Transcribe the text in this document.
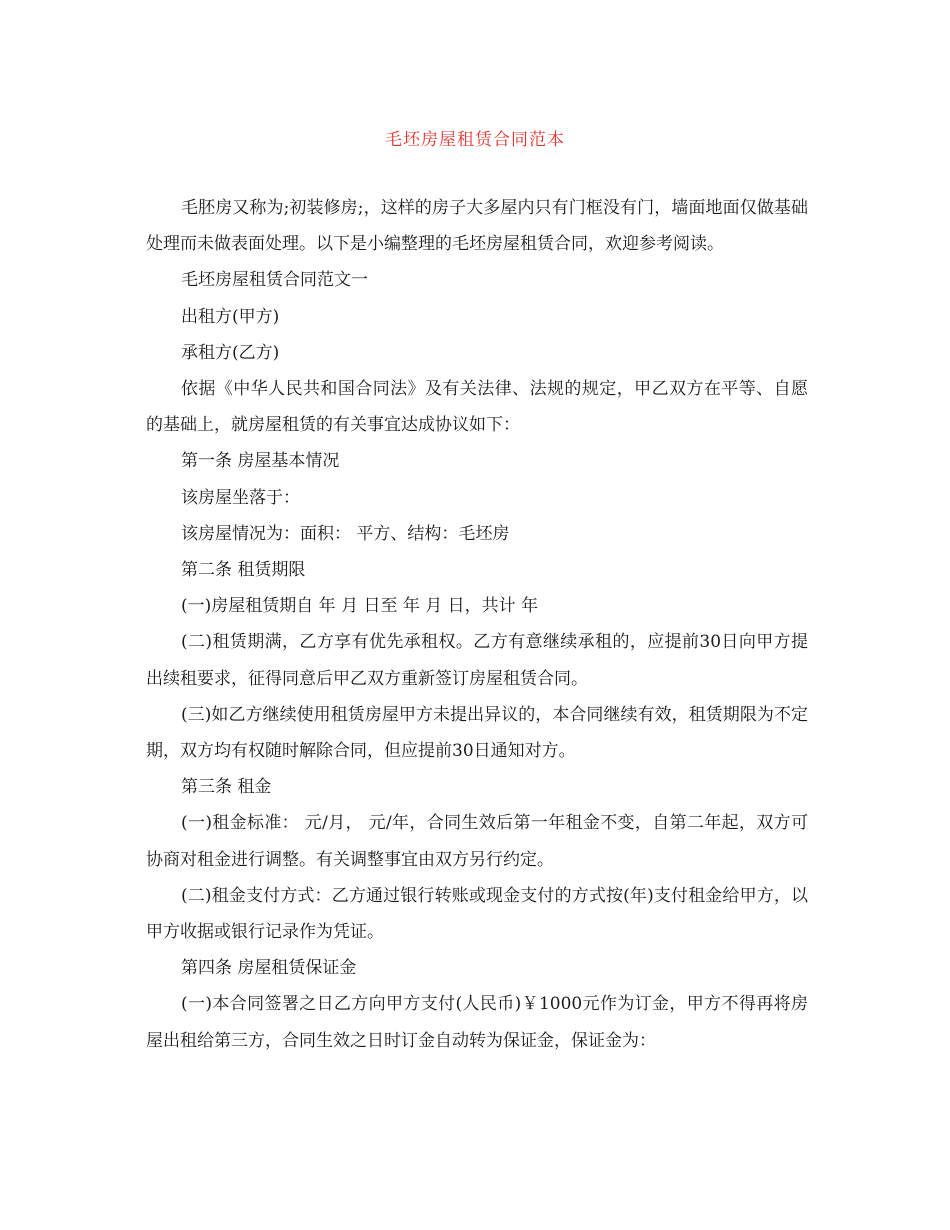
毛坯房屋租赁合同范本

毛胚房又称为;初装修房;，这样的房子大多屋内只有门框没有门，墙面地面仅做基础处理而未做表面处理。以下是小编整理的毛坯房屋租赁合同，欢迎参考阅读。

毛坯房屋租赁合同范文一

出租方(甲方)

承租方(乙方)

依据《中华人民共和国合同法》及有关法律、法规的规定，甲乙双方在平等、自愿的基础上，就房屋租赁的有关事宜达成协议如下：

第一条 房屋基本情况

该房屋坐落于：

该房屋情况为：面积： 平方、结构：毛坯房

第二条 租赁期限

(一)房屋租赁期自 年 月 日至 年 月 日，共计 年

(二)租赁期满，乙方享有优先承租权。乙方有意继续承租的，应提前30日向甲方提出续租要求，征得同意后甲乙双方重新签订房屋租赁合同。

(三)如乙方继续使用租赁房屋甲方未提出异议的，本合同继续有效，租赁期限为不定期，双方均有权随时解除合同，但应提前30日通知对方。

第三条 租金

(一)租金标准： 元/月， 元/年，合同生效后第一年租金不变，自第二年起，双方可协商对租金进行调整。有关调整事宜由双方另行约定。

(二)租金支付方式：乙方通过银行转账或现金支付的方式按(年)支付租金给甲方，以甲方收据或银行记录作为凭证。

第四条 房屋租赁保证金

(一)本合同签署之日乙方向甲方支付(人民币)￥1000元作为订金，甲方不得再将房屋出租给第三方，合同生效之日时订金自动转为保证金，保证金为：
